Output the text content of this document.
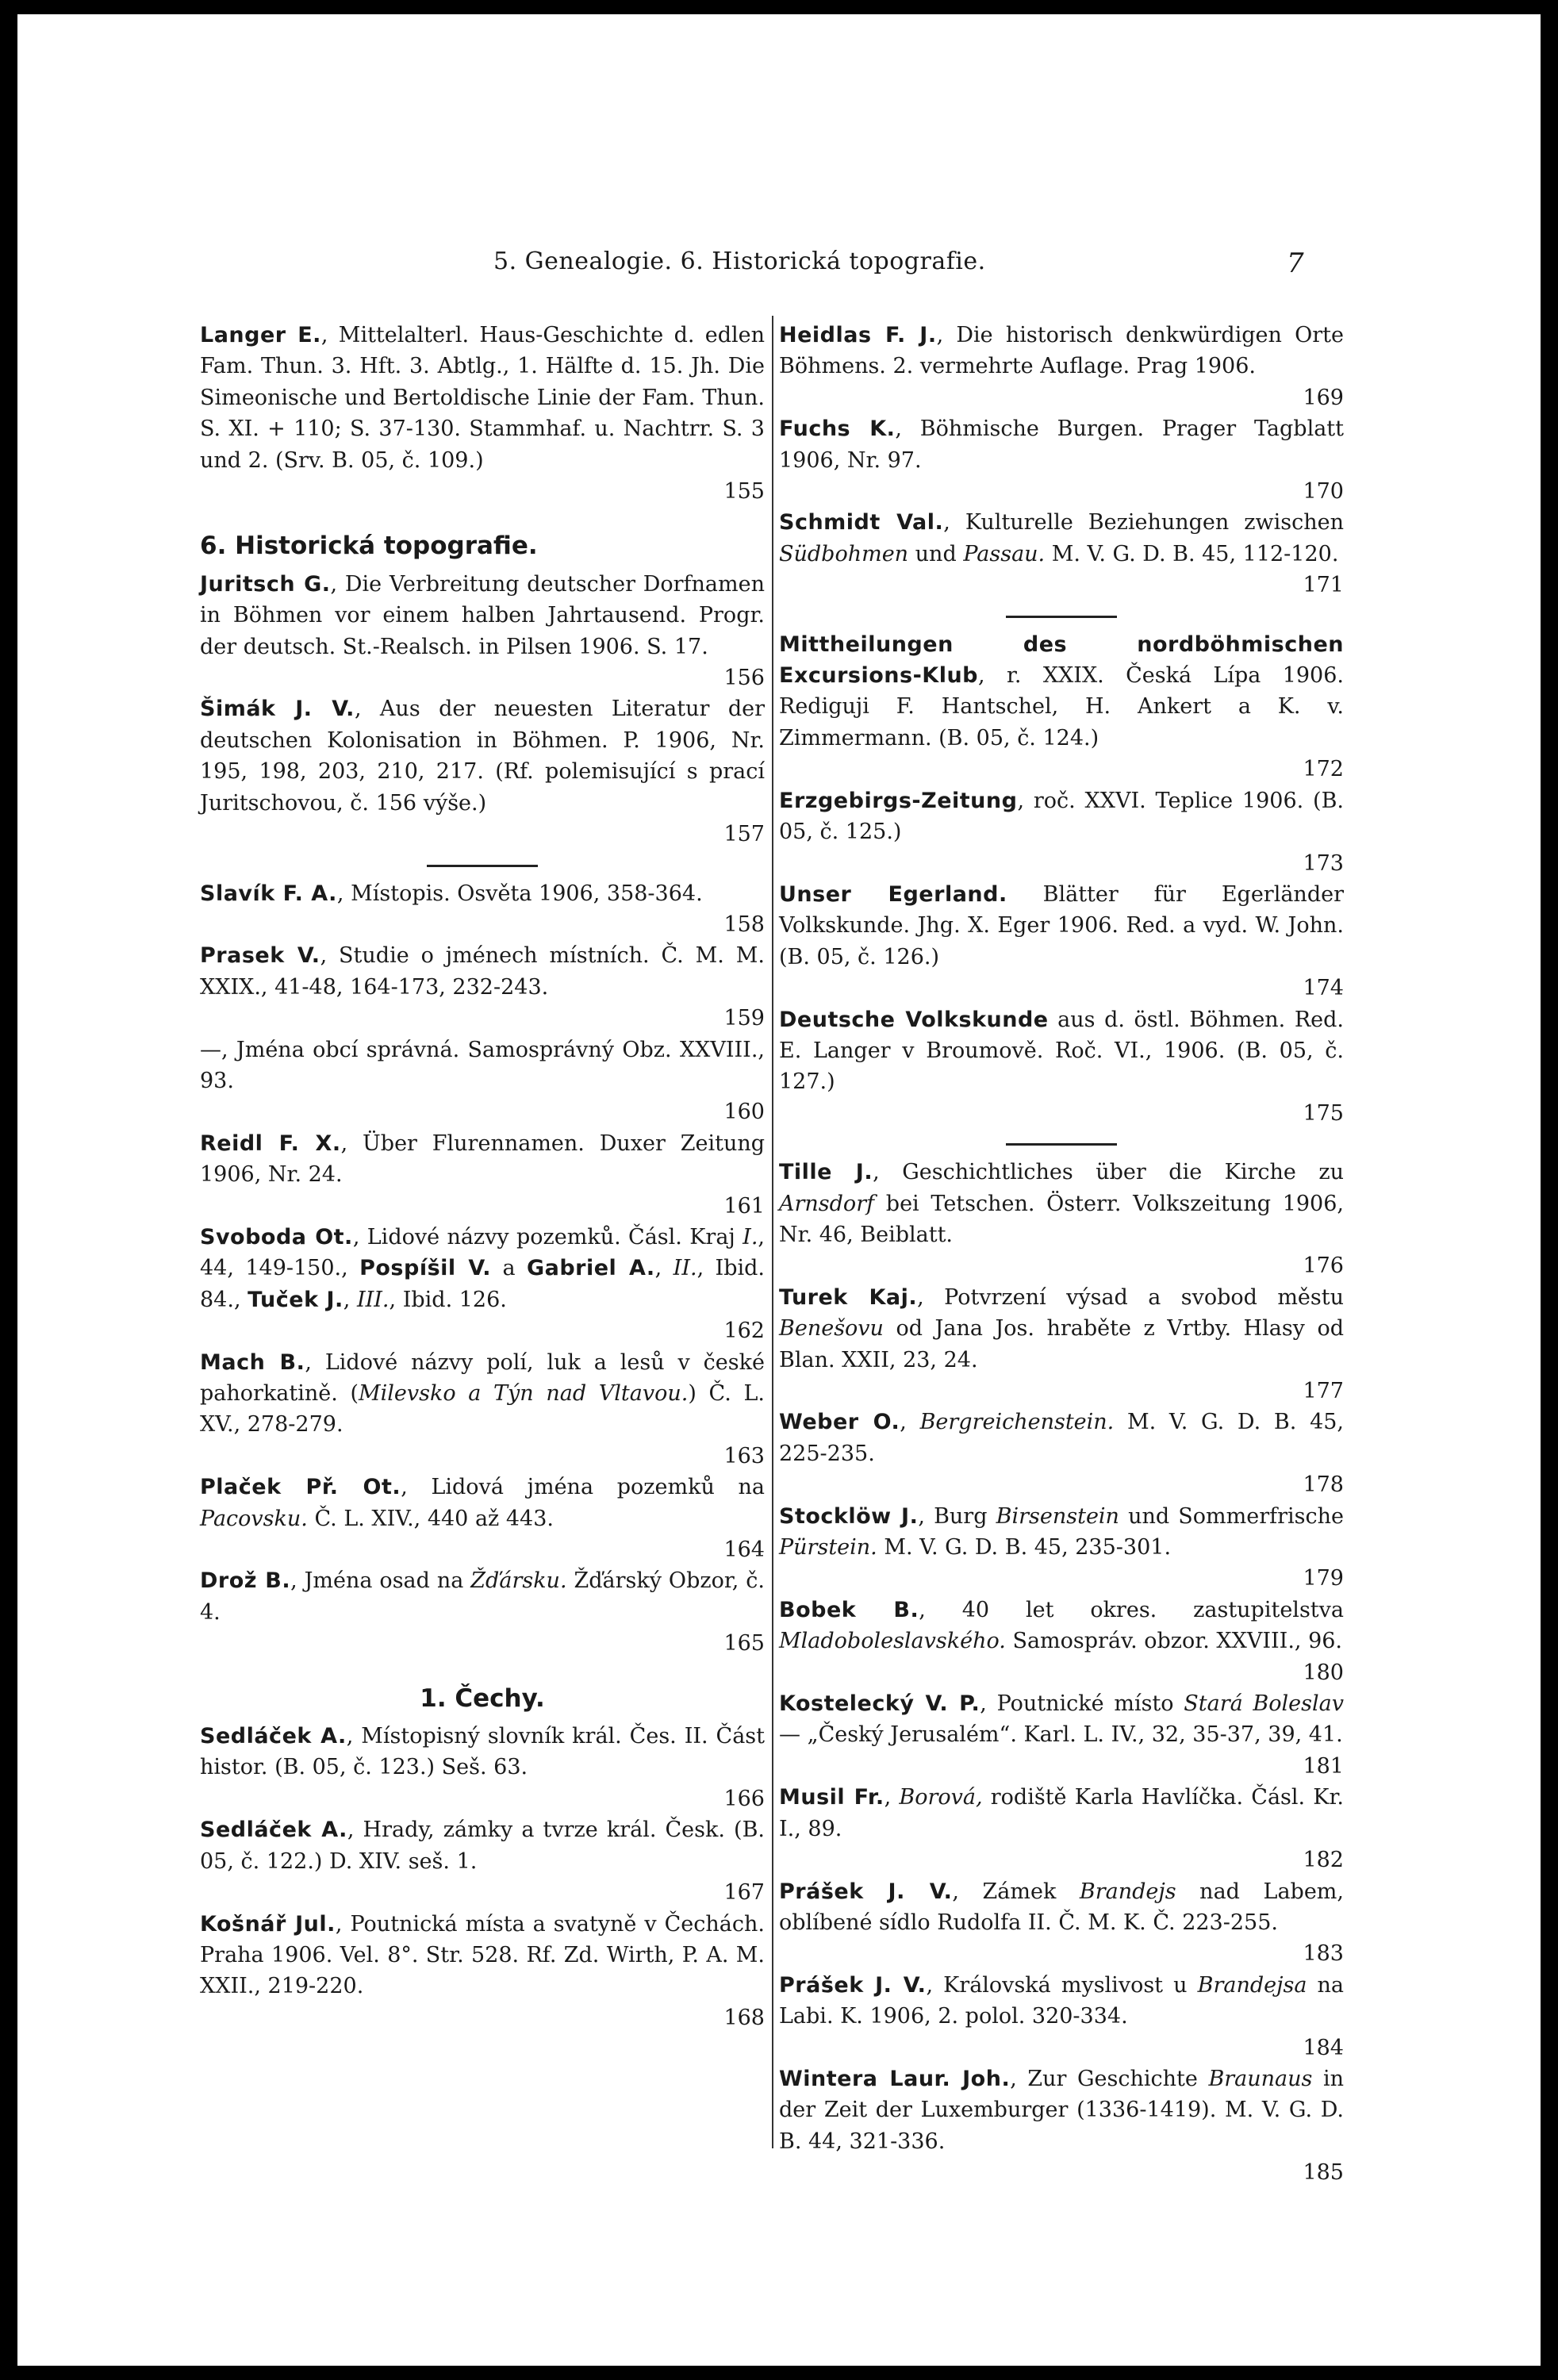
5. Genealogie. 6. Historická topografie.	7
Langer E., Mittelalterl. Haus-Geschichte d. edlen Fam. Thun. 3. Hft. 3. Abtlg., 1. Hälfte d. 15. Jh. Die Simeonische und Bertoldische Linie der Fam. Thun. S. XI. + 110; S. 37-130. Stammhaf. u. Nachtrr. S. 3 und 2. (Srv. B. 05, č. 109.)
155
6. Historická topografie.
Juritsch G., Die Verbreitung deutscher Dorfnamen in Böhmen vor einem halben Jahrtausend. Progr. der deutsch. St.-Realsch. in Pilsen 1906. S. 17.
156
Šimák J. V., Aus der neuesten Literatur der deutschen Kolonisation in Böhmen. P. 1906, Nr. 195, 198, 203, 210, 217. (Rf. polemisující s prací Juritschovou, č. 156 výše.)
157
Slavík F. A., Místopis. Osvěta 1906, 358-364.
158
Prasek V., Studie o jménech místních. Č. M. M. XXIX., 41-48, 164-173, 232-243.
159
—, Jména obcí správná. Samosprávný Obz. XXVIII., 93.
160
Reidl F. X., Über Flurennamen. Duxer Zeitung 1906, Nr. 24.
161
Svoboda Ot., Lidové názvy pozemků. Čásl. Kraj I., 44, 149-150., Pospíšil V. a Gabriel A., II., Ibid. 84., Tuček J., III., Ibid. 126.
162
Mach B., Lidové názvy polí, luk a lesů v české pahorkatině. (Milevsko a Týn nad Vltavou.) Č. L. XV., 278-279.
163
Plaček Př. Ot., Lidová jména pozemků na Pacovsku. Č. L. XIV., 440 až 443.
164
Drož B., Jména osad na Žďársku. Žďárský Obzor, č. 4.
165
1. Čechy.
Sedláček A., Místopisný slovník král. Čes. II. Část histor. (B. 05, č. 123.) Seš. 63.
166
Sedláček A., Hrady, zámky a tvrze král. Česk. (B. 05, č. 122.) D. XIV. seš. 1.
167
Košnář Jul., Poutnická místa a svatyně v Čechách. Praha 1906. Vel. 8°. Str. 528. Rf. Zd. Wirth, P. A. M. XXII., 219-220.
168
Heidlas F. J., Die historisch denkwürdigen Orte Böhmens. 2. vermehrte Auflage. Prag 1906.
169
Fuchs K., Böhmische Burgen. Prager Tagblatt 1906, Nr. 97.
170
Schmidt Val., Kulturelle Beziehungen zwischen Südbohmen und Passau. M. V. G. D. B. 45, 112-120.
171
Mittheilungen des nordböhmischen Excursions-Klub, r. XXIX. Česká Lípa 1906. Rediguji F. Hantschel, H. Ankert a K. v. Zimmermann. (B. 05, č. 124.)
172
Erzgebirgs-Zeitung, roč. XXVI. Teplice 1906. (B. 05, č. 125.)
173
Unser Egerland. Blätter für Egerländer Volkskunde. Jhg. X. Eger 1906. Red. a vyd. W. John. (B. 05, č. 126.)
174
Deutsche Volkskunde aus d. östl. Böhmen. Red. E. Langer v Broumově. Roč. VI., 1906. (B. 05, č. 127.)
175
Tille J., Geschichtliches über die Kirche zu Arnsdorf bei Tetschen. Österr. Volkszeitung 1906, Nr. 46, Beiblatt.
176
Turek Kaj., Potvrzení výsad a svobod městu Benešovu od Jana Jos. hraběte z Vrtby. Hlasy od Blan. XXII, 23, 24.
177
Weber O., Bergreichenstein. M. V. G. D. B. 45, 225-235.
178
Stocklöw J., Burg Birsenstein und Sommerfrische Pürstein. M. V. G. D. B. 45, 235-301.
179
Bobek B., 40 let okres. zastupitelstva Mladoboleslavského. Samospráv. obzor. XXVIII., 96.
180
Kostelecký V. P., Poutnické místo Stará Boleslav — „Český Jerusalém“. Karl. L. IV., 32, 35-37, 39, 41.
181
Musil Fr., Borová, rodiště Karla Havlíčka. Čásl. Kr. I., 89.
182
Prášek J. V., Zámek Brandejs nad Labem, oblíbené sídlo Rudolfa II. Č. M. K. Č. 223-255.
183
Prášek J. V., Královská myslivost u Brandejsa na Labi. K. 1906, 2. polol. 320-334.
184
Wintera Laur. Joh., Zur Geschichte Braunaus in der Zeit der Luxemburger (1336-1419). M. V. G. D. B. 44, 321-336.
185
